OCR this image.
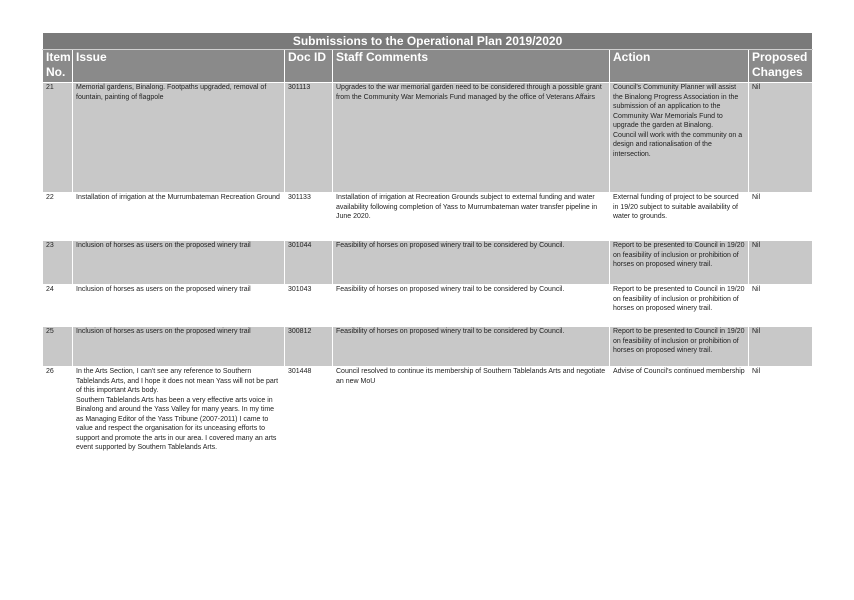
Submissions to the Operational Plan 2019/2020					
Item
No.	Issue	Doc ID	Staff Comments	Action	Proposed
Changes
21	Memorial gardens, Binalong. Footpaths upgraded, removal of fountain, painting of flagpole	301113	Upgrades to the war memorial garden need to be considered through a possible grant from the Community War Memorials Fund managed by the office of Veterans Affairs	Council's Community Planner will assist the Binalong Progress Association in the submission of an application to the Community War Memorials Fund to upgrade the garden at Binalong.
Council will work with the community on a design and rationalisation of the intersection.	Nil
22	Installation of irrigation at the Murrumbateman Recreation Ground	301133	Installation of irrigation at Recreation Grounds subject to external funding and water availability following completion of Yass to Murrumbateman water transfer pipeline in June 2020.	External funding of project to be sourced in 19/20 subject to suitable availability of water to grounds.	Nil
23	Inclusion of horses as users on the proposed winery trail	301044	Feasibility of horses on proposed winery trail to be considered by Council.	Report to be presented to Council in 19/20 on feasibility of inclusion or prohibition of horses on proposed winery trail.	Nil
24	Inclusion of horses as users on the proposed winery trail	301043	Feasibility of horses on proposed winery trail to be considered by Council.	Report to be presented to Council in 19/20 on feasibility of inclusion or prohibition of horses on proposed winery trail.	Nil
25	Inclusion of horses as users on the proposed winery trail	300812	Feasibility of horses on proposed winery trail to be considered by Council.	Report to be presented to Council in 19/20 on feasibility of inclusion or prohibition of horses on proposed winery trail.	Nil
26	In the Arts Section, I can't see any reference to Southern Tablelands Arts, and I hope it does not mean Yass will not be part of this important Arts body.
Southern Tablelands Arts has been a very effective arts voice in Binalong and around the Yass Valley for many years. In my time as Managing Editor of the Yass Tribune (2007-2011) I came to value and respect the organisation for its unceasing efforts to support and promote the arts in our area. I covered many an arts event supported by Southern Tablelands Arts.	301448	Council resolved to continue its membership of Southern Tablelands Arts and negotiate an new MoU	Advise of Council's continued membership	Nil
